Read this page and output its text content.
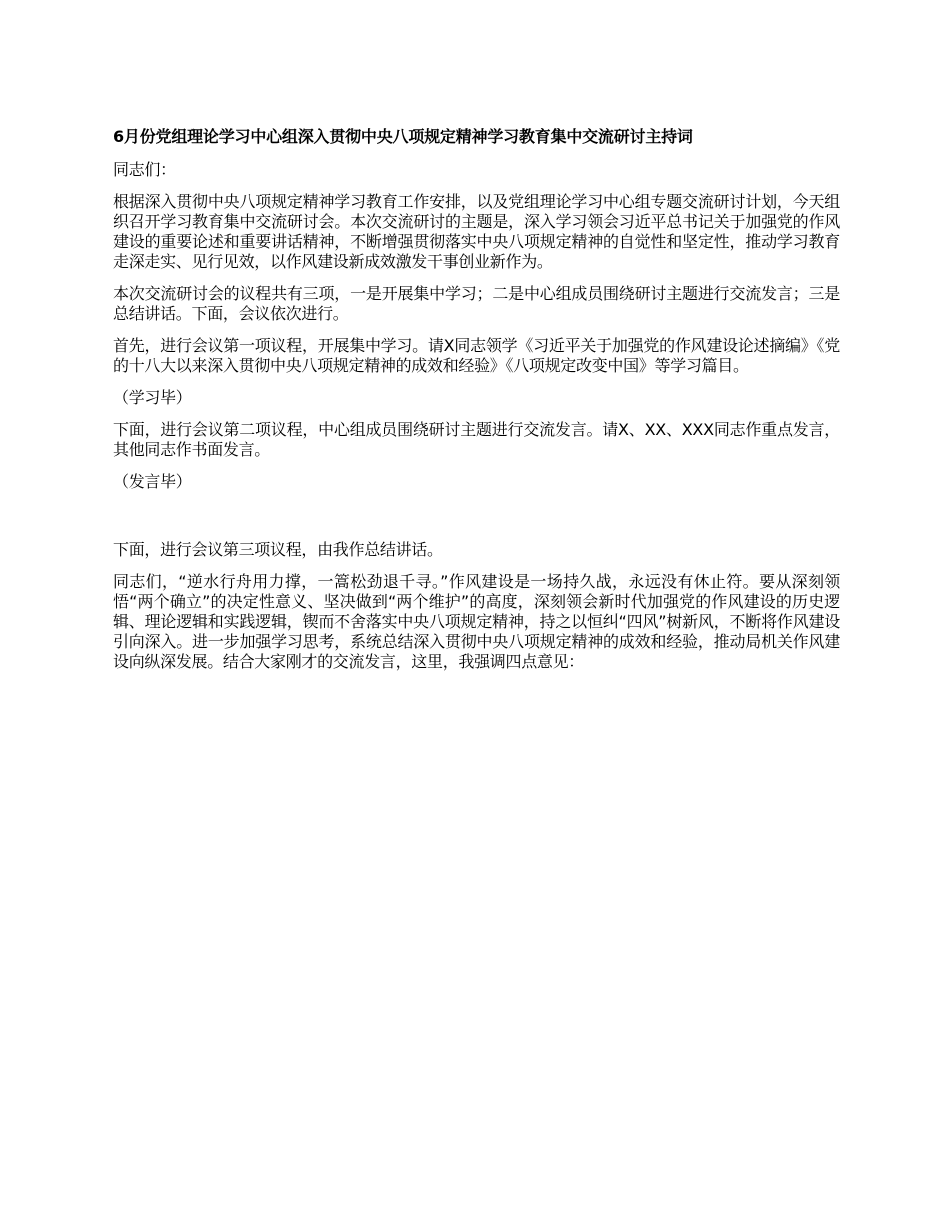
6月份党组理论学习中心组深入贯彻中央八项规定精神学习教育集中交流研讨主持词
同志们：
根据深入贯彻中央八项规定精神学习教育工作安排，以及党组理论学习中心组专题交流研讨计划，今天组织召开学习教育集中交流研讨会。本次交流研讨的主题是，深入学习领会习近平总书记关于加强党的作风建设的重要论述和重要讲话精神，不断增强贯彻落实中央八项规定精神的自觉性和坚定性，推动学习教育走深走实、见行见效，以作风建设新成效激发干事创业新作为。
本次交流研讨会的议程共有三项，一是开展集中学习；二是中心组成员围绕研讨主题进行交流发言；三是总结讲话。下面，会议依次进行。
首先，进行会议第一项议程，开展集中学习。请X同志领学《习近平关于加强党的作风建设论述摘编》《党的十八大以来深入贯彻中央八项规定精神的成效和经验》《八项规定改变中国》等学习篇目。
（学习毕）
下面，进行会议第二项议程，中心组成员围绕研讨主题进行交流发言。请X、XX、XXX同志作重点发言，其他同志作书面发言。
（发言毕）
下面，进行会议第三项议程，由我作总结讲话。
同志们，“逆水行舟用力撑，一篙松劲退千寻。”作风建设是一场持久战，永远没有休止符。要从深刻领悟“两个确立”的决定性意义、坚决做到“两个维护”的高度，深刻领会新时代加强党的作风建设的历史逻辑、理论逻辑和实践逻辑，锲而不舍落实中央八项规定精神，持之以恒纠“四风”树新风，不断将作风建设引向深入。进一步加强学习思考，系统总结深入贯彻中央八项规定精神的成效和经验，推动局机关作风建设向纵深发展。结合大家刚才的交流发言，这里，我强调四点意见：
